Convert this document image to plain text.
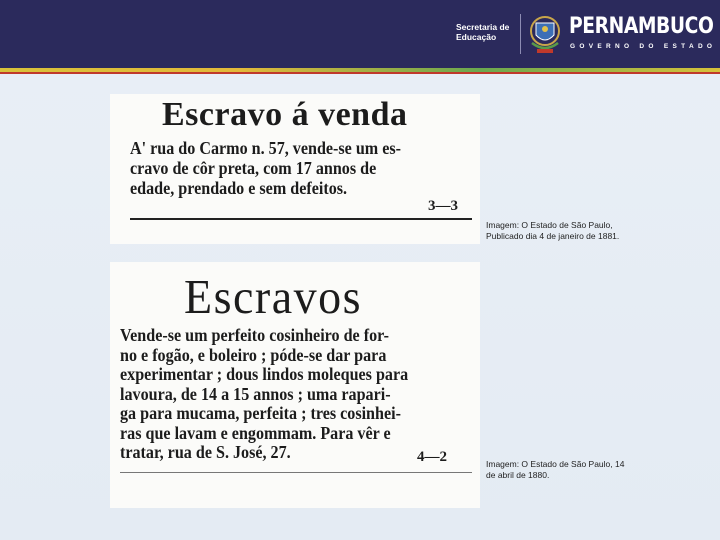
Secretaria de
Educação	PERNAMBUCO
GOVERNO DO ESTADO
Escravo á venda
A' rua do Carmo n. 57, vende-se um es-
cravo de côr preta, com 17 annos de
edade, prendado e sem defeitos.
3—3
Imagem: O Estado de São Paulo,
Publicado dia 4 de janeiro de 1881.
Escravos
Vende-se um perfeito cosinheiro de for-
no e fogão, e boleiro ; póde-se dar para
experimentar ; dous lindos moleques para
lavoura, de 14 a 15 annos ; uma rapari-
ga para mucama, perfeita ; tres cosinhei-
ras que lavam e engommam. Para vêr e
tratar, rua de S. José, 27.	4—2	Imagem: O Estado de São Paulo, 14
de abril de 1880.
